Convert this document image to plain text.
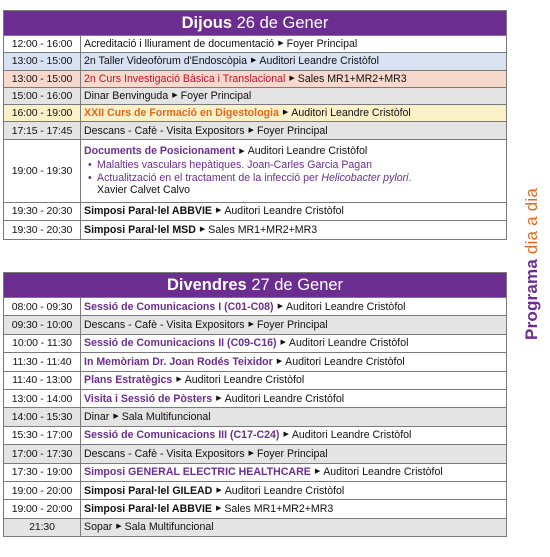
Dijous 26 de Gener
12:00 - 16:00	Acreditació i lliurament de documentació ▶ Foyer Principal
13:00 - 15:00	2n Taller Videofòrum d'Endoscòpia ▶ Auditori Leandre Cristòfol
13:00 - 15:00	2n Curs Investigació Bàsica i Translacional ▶ Sales MR1+MR2+MR3
15:00 - 16:00	Dinar Benvinguda ▶ Foyer Principal
16:00 - 19:00	XXII Curs de Formació en Digestologia ▶ Auditori Leandre Cristòfol
17:15 - 17:45	Descans - Cafè - Visita Expositors ▶ Foyer Principal
19:00 - 19:30
Documents de Posicionament ▶ Auditori Leandre Cristòfol
• Malalties vasculars hepàtiques. Joan-Carles Garcia Pagan
• Actualització en el tractament de la infecció per Helicobacter pylori.
Xavier Calvet Calvo
19:30 - 20:30	Simposi Paral·lel ABBVIE ▶ Auditori Leandre Cristòfol
19:30 - 20:30	Simposi Paral·lel MSD ▶ Sales MR1+MR2+MR3
Divendres 27 de Gener
08:00 - 09:30	Sessió de Comunicacions I (C01-C08) ▶ Auditori Leandre Cristòfol
09:30 - 10:00	Descans - Cafè - Visita Expositors ▶ Foyer Principal
10:00 - 11:30	Sessió de Comunicacions II (C09-C16) ▶ Auditori Leandre Cristòfol
11:30 - 11:40	In Memòriam Dr. Joan Rodés Teixidor ▶ Auditori Leandre Cristòfol
11:40 - 13:00	Plans Estratègics ▶ Auditori Leandre Cristòfol
13:00 - 14:00	Visita i Sessió de Pòsters ▶ Auditori Leandre Cristòfol
14:00 - 15:30	Dinar ▶ Sala Multifuncional
15:30 - 17:00	Sessió de Comunicacions III (C17-C24) ▶ Auditori Leandre Cristòfol
17:00 - 17:30	Descans - Cafè - Visita Expositors ▶ Foyer Principal
17:30 - 19:00	Simposi GENERAL ELECTRIC HEALTHCARE ▶ Auditori Leandre Cristòfol
19:00 - 20:00	Simposi Paral·lel GILEAD ▶ Auditori Leandre Cristòfol
19:00 - 20:00	Simposi Paral·lel ABBVIE ▶ Sales MR1+MR2+MR3
21:30	Sopar ▶ Sala Multifuncional
Programa dia a dia
